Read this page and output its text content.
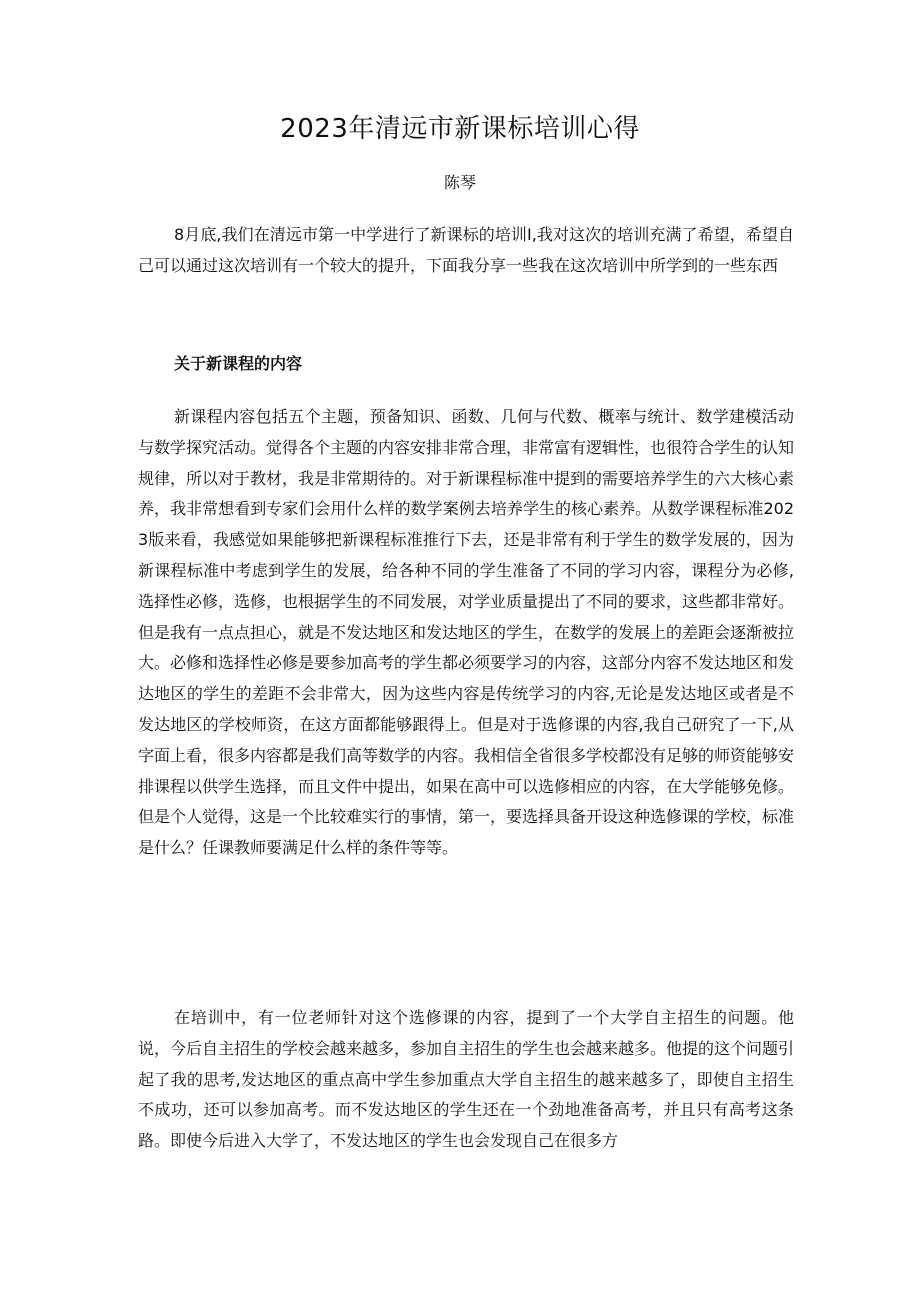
2023年清远市新课标培训心得
陈琴

8月底,我们在清远市第一中学进行了新课标的培训I,我对这次的培训充满了希望，希望自己可以通过这次培训有一个较大的提升，下面我分享一些我在这次培训中所学到的一些东西

关于新课程的内容

新课程内容包括五个主题，预备知识、函数、几何与代数、概率与统计、数学建模活动与数学探究活动。觉得各个主题的内容安排非常合理，非常富有逻辑性，也很符合学生的认知规律，所以对于教材，我是非常期待的。对于新课程标准中提到的需要培养学生的六大核心素养，我非常想看到专家们会用什么样的数学案例去培养学生的核心素养。从数学课程标准2023版来看，我感觉如果能够把新课程标准推行下去，还是非常有利于学生的数学发展的，因为新课程标准中考虑到学生的发展，给各种不同的学生准备了不同的学习内容，课程分为必修,选择性必修，选修，也根据学生的不同发展，对学业质量提出了不同的要求，这些都非常好。但是我有一点点担心，就是不发达地区和发达地区的学生，在数学的发展上的差距会逐渐被拉大。必修和选择性必修是要参加高考的学生都必须要学习的内容，这部分内容不发达地区和发达地区的学生的差距不会非常大，因为这些内容是传统学习的内容,无论是发达地区或者是不发达地区的学校师资，在这方面都能够跟得上。但是对于选修课的内容,我自己研究了一下,从字面上看，很多内容都是我们高等数学的内容。我相信全省很多学校都没有足够的师资能够安排课程以供学生选择，而且文件中提出，如果在高中可以选修相应的内容，在大学能够免修。但是个人觉得，这是一个比较难实行的事情，第一，要选择具备开设这种选修课的学校，标准是什么？任课教师要满足什么样的条件等等。

在培训中，有一位老师针对这个选修课的内容，提到了一个大学自主招生的问题。他说，今后自主招生的学校会越来越多，参加自主招生的学生也会越来越多。他提的这个问题引起了我的思考,发达地区的重点高中学生参加重点大学自主招生的越来越多了，即使自主招生不成功，还可以参加高考。而不发达地区的学生还在一个劲地准备高考，并且只有高考这条路。即使今后进入大学了，不发达地区的学生也会发现自己在很多方
